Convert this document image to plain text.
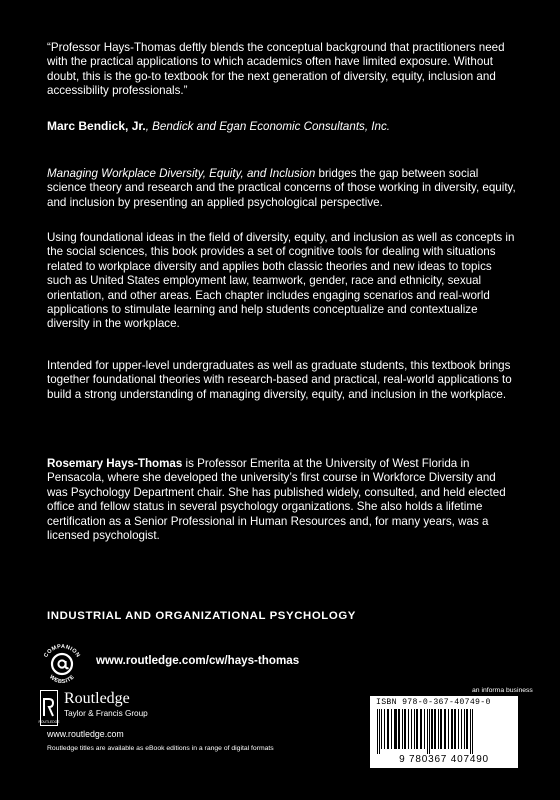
“Professor Hays-Thomas deftly blends the conceptual background that practitioners need with the practical applications to which academics often have limited exposure. Without doubt, this is the go-to textbook for the next generation of diversity, equity, inclusion and accessibility professionals.”

Marc Bendick, Jr., Bendick and Egan Economic Consultants, Inc.

Managing Workplace Diversity, Equity, and Inclusion bridges the gap between social science theory and research and the practical concerns of those working in diversity, equity, and inclusion by presenting an applied psychological perspective.

Using foundational ideas in the field of diversity, equity, and inclusion as well as concepts in the social sciences, this book provides a set of cognitive tools for dealing with situations related to workplace diversity and applies both classic theories and new ideas to topics such as United States employment law, teamwork, gender, race and ethnicity, sexual orientation, and other areas. Each chapter includes engaging scenarios and real-world applications to stimulate learning and help students conceptualize and contextualize diversity in the workplace.

Intended for upper-level undergraduates as well as graduate students, this textbook brings together foundational theories with research-based and practical, real-world applications to build a strong understanding of managing diversity, equity, and inclusion in the workplace.

Rosemary Hays-Thomas is Professor Emerita at the University of West Florida in Pensacola, where she developed the university’s first course in Workforce Diversity and was Psychology Department chair. She has published widely, consulted, and held elected office and fellow status in several psychology organizations. She also holds a lifetime certification as a Senior Professional in Human Resources and, for many years, was a licensed psychologist.

INDUSTRIAL AND ORGANIZATIONAL PSYCHOLOGY
COMPANION
WEBSITE
www.routledge.com/cw/hays-thomas
ROUTLEDGE
Routledge
Taylor & Francis Group
www.routledge.com
Routledge titles are available as eBook editions in a range of digital formats
an informa business
ISBN 978-0-367-40749-0
9 780367 407490
